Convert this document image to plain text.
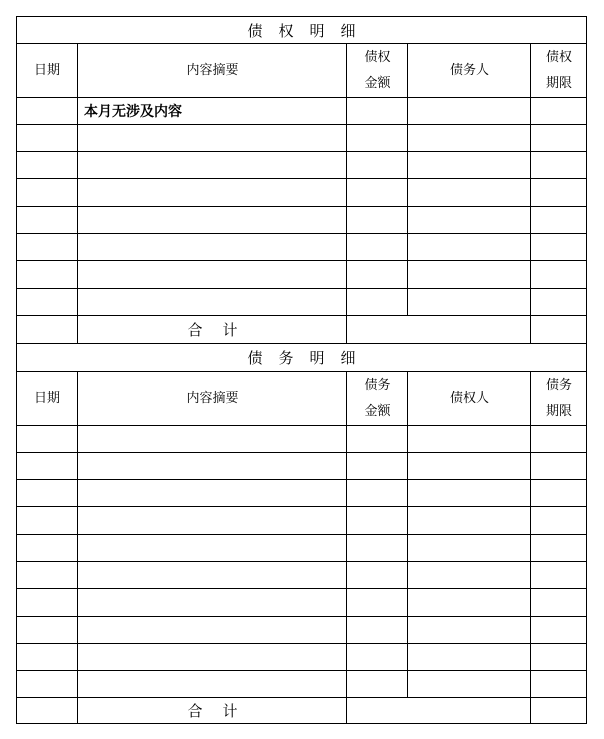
债权明细
日期	内容摘要
债权
金额
债务人
债权
期限
本月无涉及内容
合计
债务明细
日期	内容摘要
债务
金额
债权人
债务
期限
合计
